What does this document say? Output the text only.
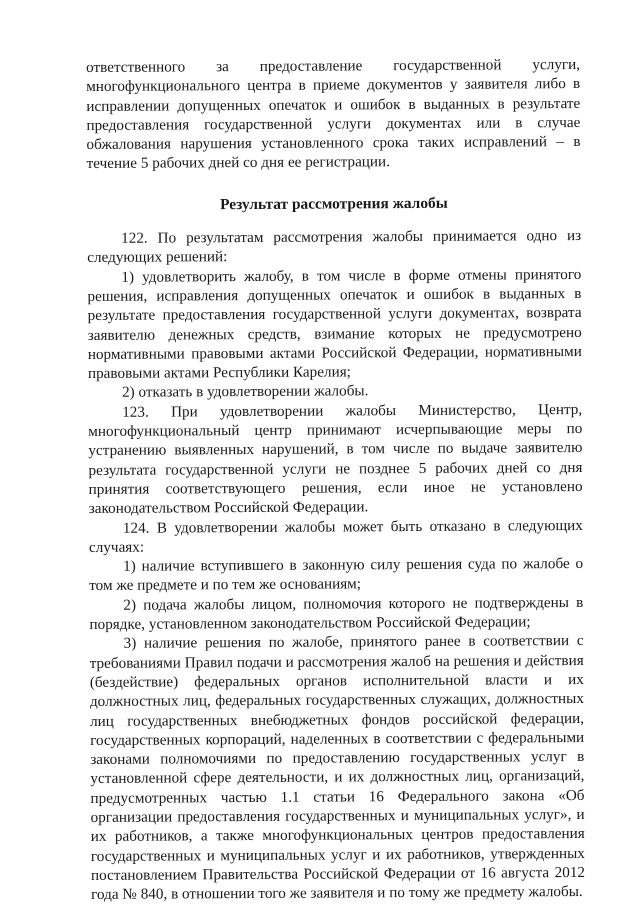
ответственного за предоставление государственной услуги, многофункционального центра в приеме документов у заявителя либо в исправлении допущенных опечаток и ошибок в выданных в результате предоставления государственной услуги документах или в случае обжалования нарушения установленного срока таких исправлений – в течение 5 рабочих дней со дня ее регистрации.

Результат рассмотрения жалобы

122. По результатам рассмотрения жалобы принимается одно из следующих решений:

1) удовлетворить жалобу, в том числе в форме отмены принятого решения, исправления допущенных опечаток и ошибок в выданных в результате предоставления государственной услуги документах, возврата заявителю денежных средств, взимание которых не предусмотрено нормативными правовыми актами Российской Федерации, нормативными правовыми актами Республики Карелия;

2) отказать в удовлетворении жалобы.

123. При удовлетворении жалобы Министерство, Центр, многофункциональный центр принимают исчерпывающие меры по устранению выявленных нарушений, в том числе по выдаче заявителю результата государственной услуги не позднее 5 рабочих дней со дня принятия соответствующего решения, если иное не установлено законодательством Российской Федерации.

124. В удовлетворении жалобы может быть отказано в следующих случаях:

1) наличие вступившего в законную силу решения суда по жалобе о том же предмете и по тем же основаниям;

2) подача жалобы лицом, полномочия которого не подтверждены в порядке, установленном законодательством Российской Федерации;

3) наличие решения по жалобе, принятого ранее в соответствии с требованиями Правил подачи и рассмотрения жалоб на решения и действия (бездействие) федеральных органов исполнительной власти и их должностных лиц, федеральных государственных служащих, должностных лиц государственных внебюджетных фондов российской федерации, государственных корпораций, наделенных в соответствии с федеральными законами полномочиями по предоставлению государственных услуг в установленной сфере деятельности, и их должностных лиц, организаций, предусмотренных частью 1.1 статьи 16 Федерального закона «Об организации предоставления государственных и муниципальных услуг», и их работников, а также многофункциональных центров предоставления государственных и муниципальных услуг и их работников, утвержденных постановлением Правительства Российской Федерации от 16 августа 2012 года № 840, в отношении того же заявителя и по тому же предмету жалобы.
